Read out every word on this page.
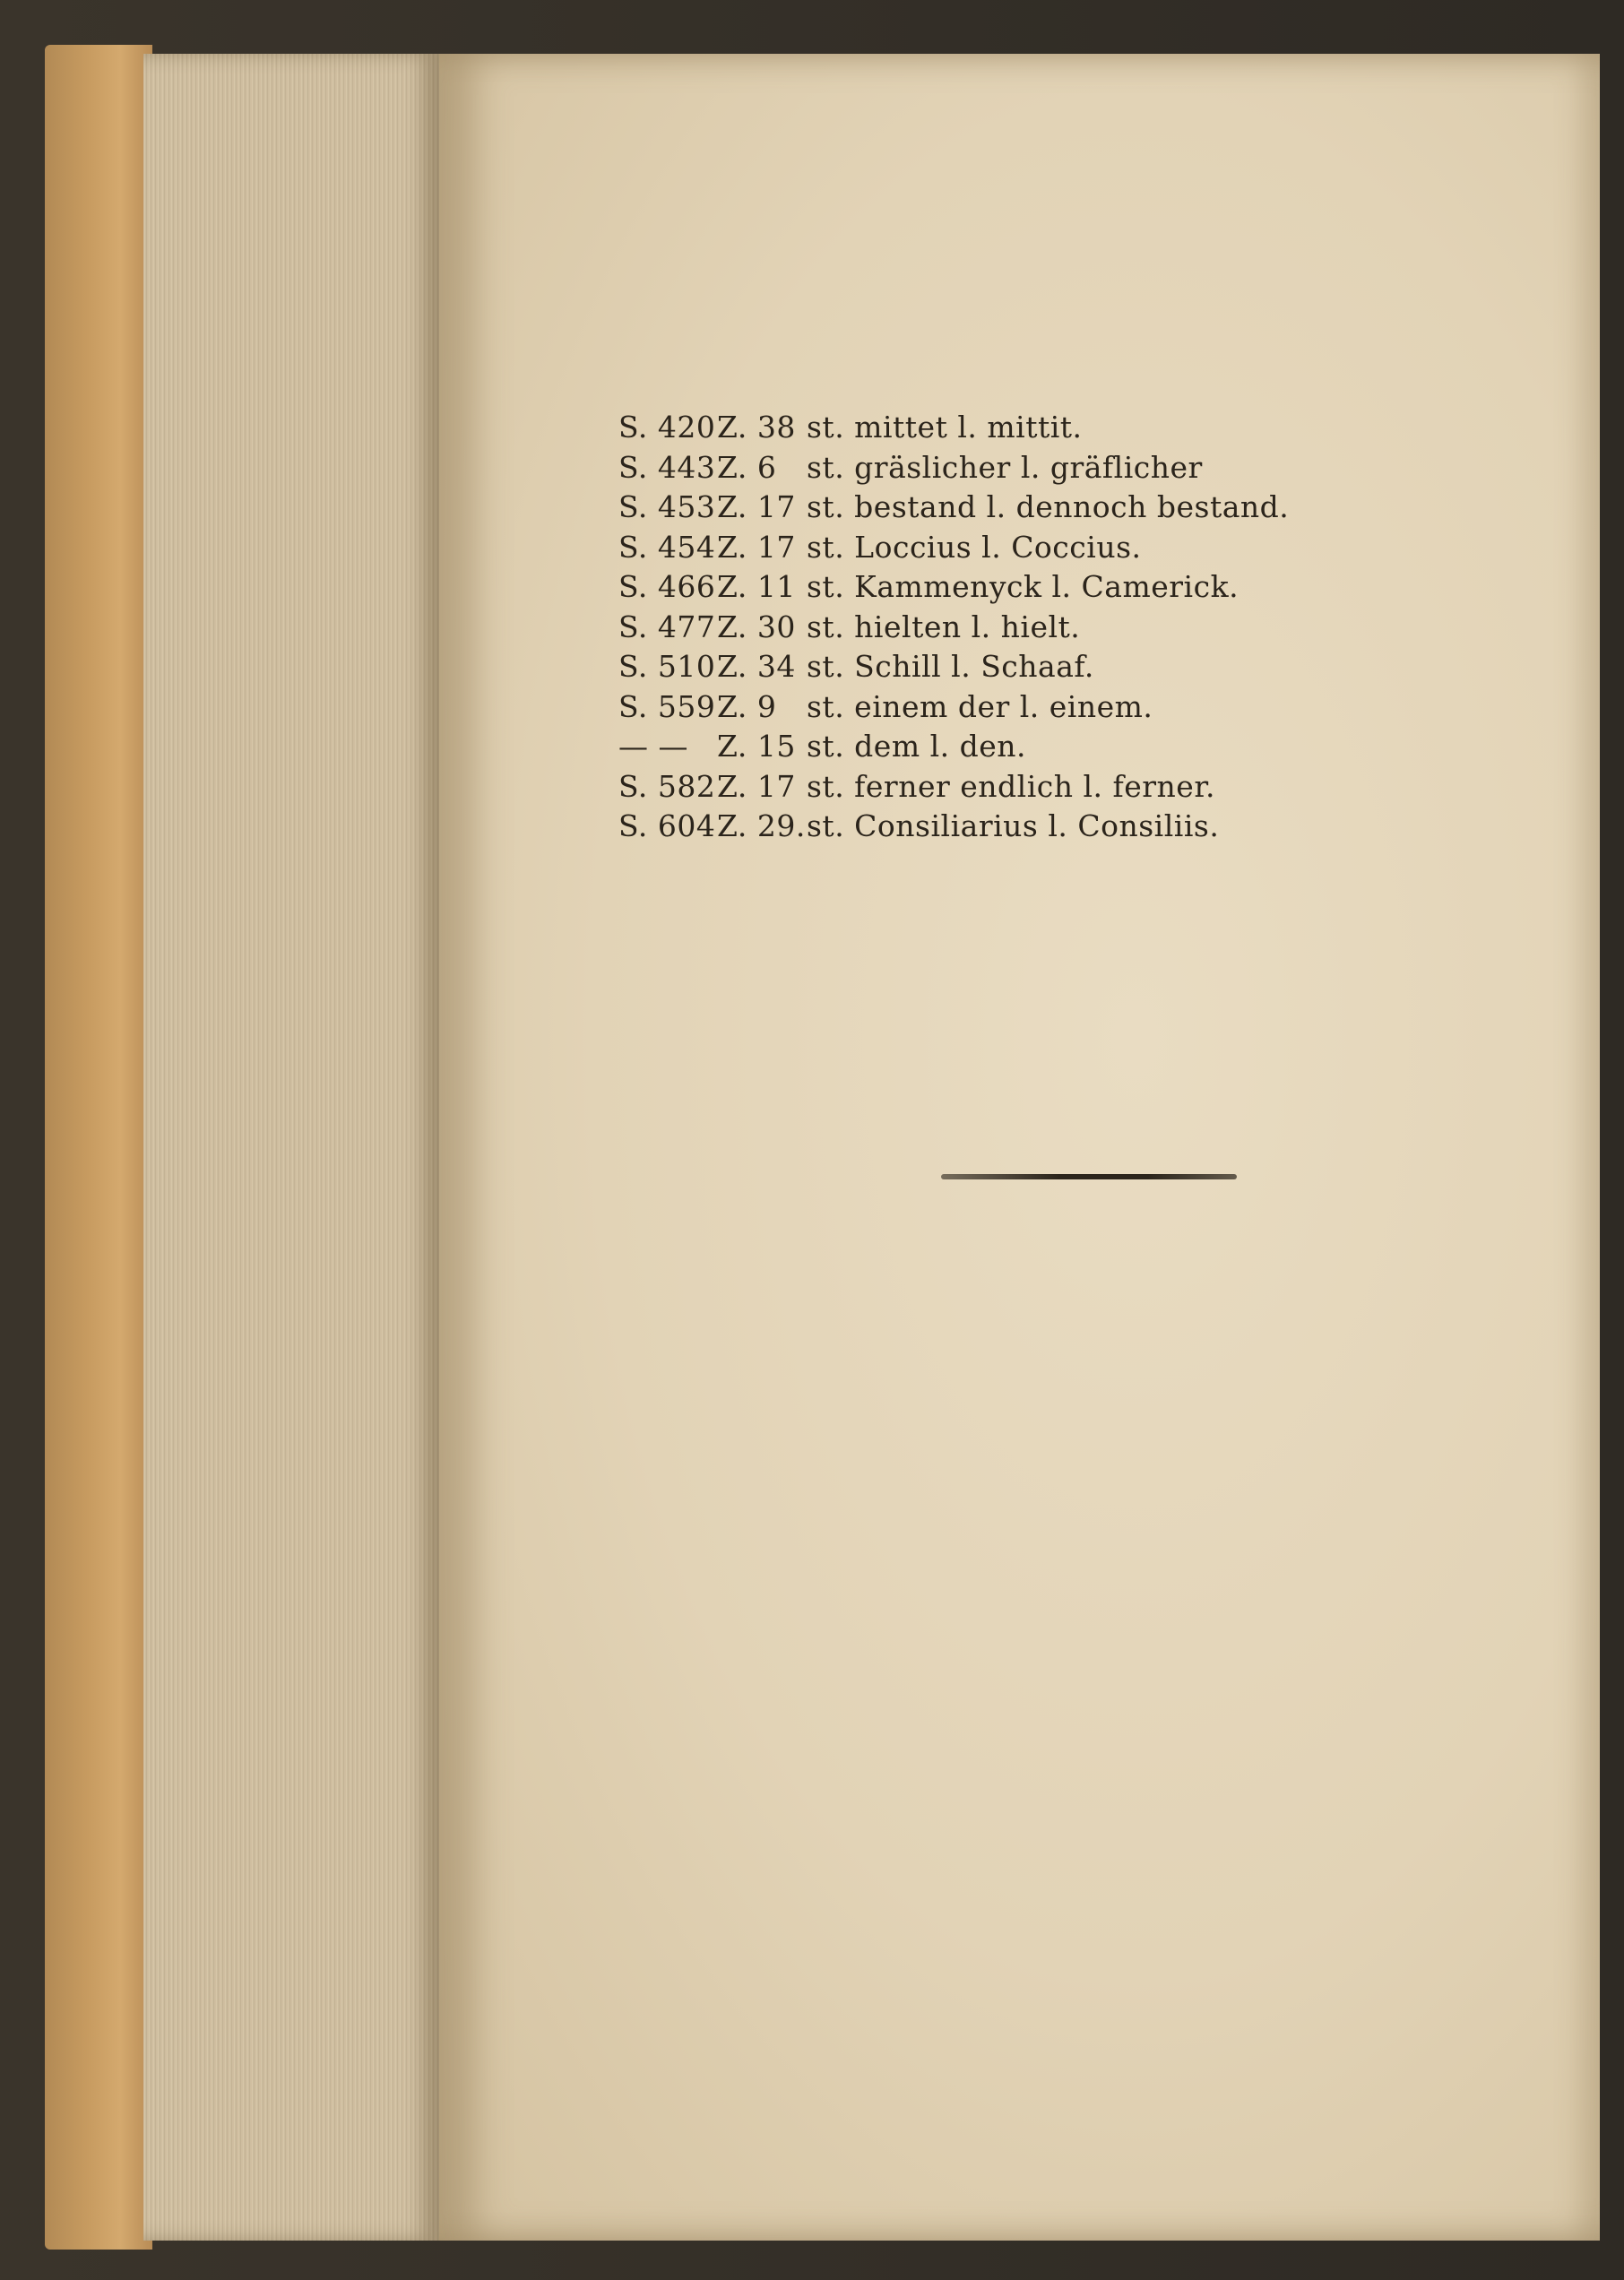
S. 420 Z. 38 st. mittet l. mittit.
S. 443 Z. 6	st. gräslicher l. gräflicher
S. 453 Z. 17 st. bestand l. dennoch bestand.
S. 454 Z. 17 st. Loccius l. Coccius.
S. 466 Z. 11 st. Kammenyck l. Camerick.
S. 477 Z. 30 st. hielten l. hielt.
S. 510 Z. 34 st. Schill l. Schaaf.
S. 559 Z. 9	st. einem der l. einem.
— — Z. 15 st. dem l. den.
S. 582 Z. 17 st. ferner endlich l. ferner.
S. 604 Z. 29. st. Consiliarius l. Consiliis.
